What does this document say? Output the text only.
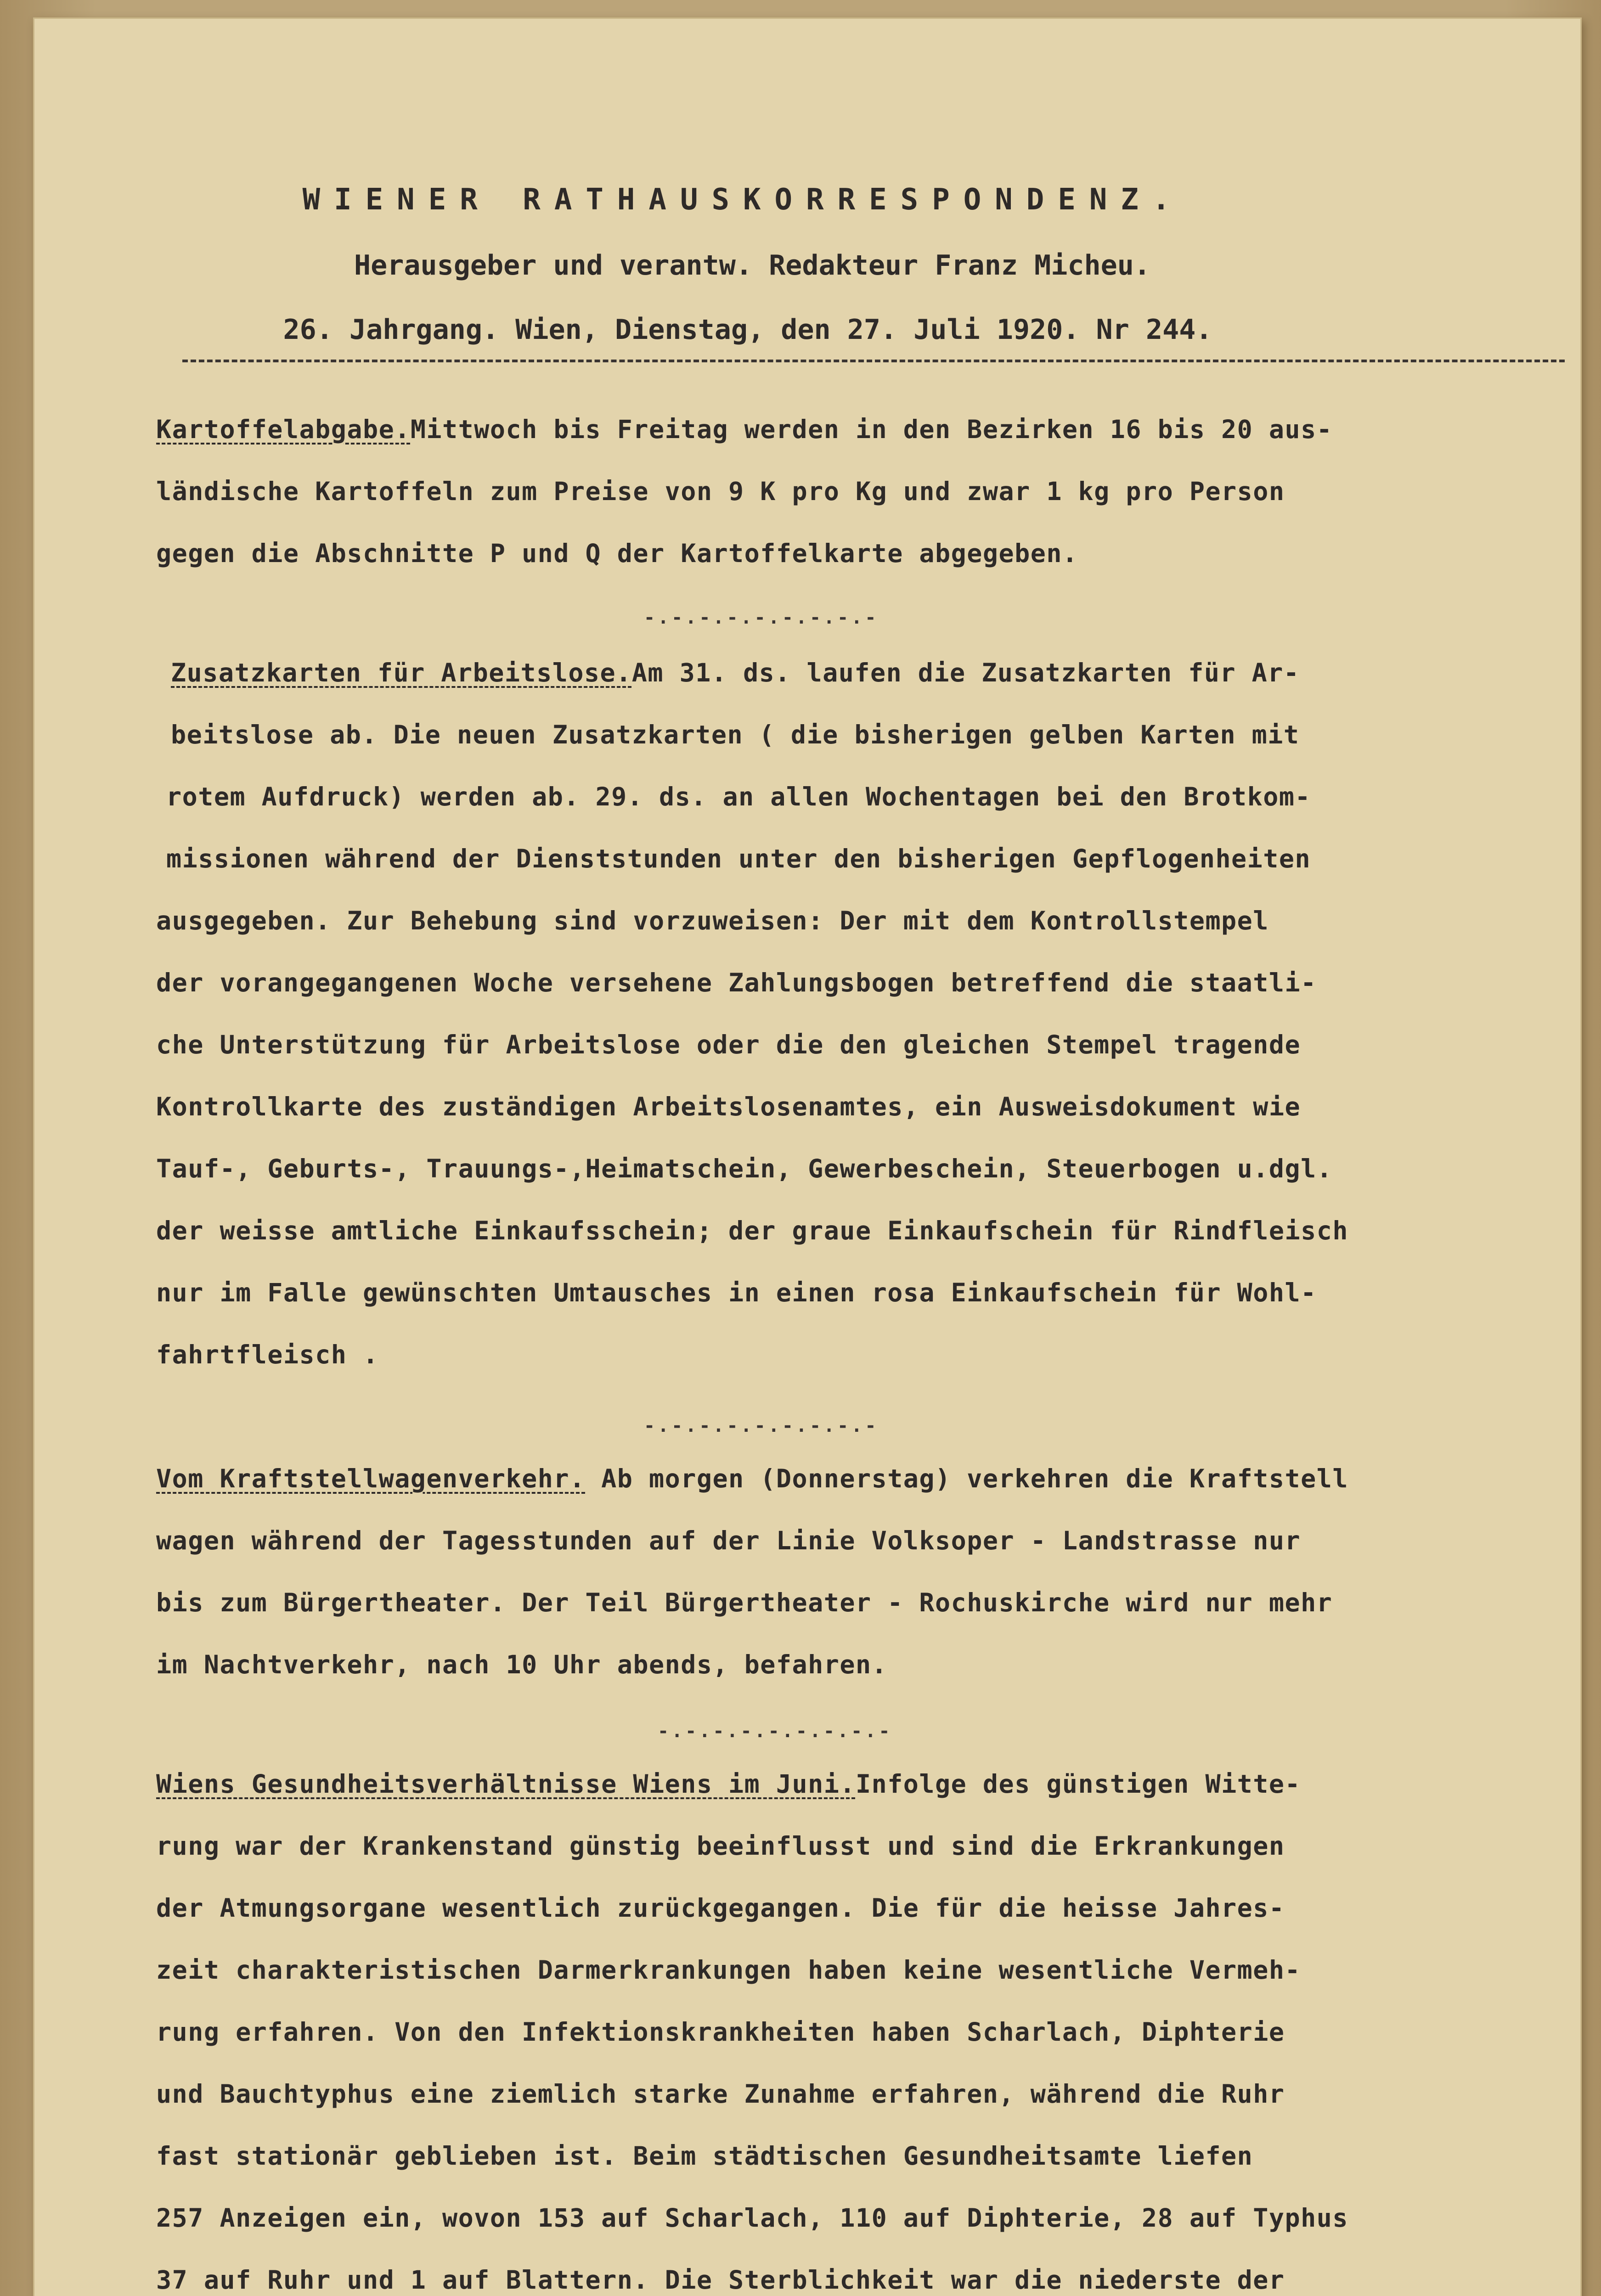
WIENER RATHAUSKORRESPONDENZ.
Herausgeber und verantw. Redakteur Franz Micheu.
26. Jahrgang. Wien, Dienstag, den 27. Juli 1920. Nr 244.
Kartoffelabgabe.Mittwoch bis Freitag werden in den Bezirken 16 bis 20 aus-
ländische Kartoffeln zum Preise von 9 K pro Kg und zwar 1 kg pro Person
gegen die Abschnitte P und Q der Kartoffelkarte abgegeben.
-.-.-.-.-.-.-.-.-
Zusatzkarten für Arbeitslose.Am 31. ds. laufen die Zusatzkarten für Ar-
beitslose ab. Die neuen Zusatzkarten ( die bisherigen gelben Karten mit
rotem Aufdruck) werden ab. 29. ds. an allen Wochentagen bei den Brotkom-
missionen während der Dienststunden unter den bisherigen Gepflogenheiten
ausgegeben. Zur Behebung sind vorzuweisen: Der mit dem Kontrollstempel
der vorangegangenen Woche versehene Zahlungsbogen betreffend die staatli-
che Unterstützung für Arbeitslose oder die den gleichen Stempel tragende
Kontrollkarte des zuständigen Arbeitslosenamtes, ein Ausweisdokument wie
Tauf-, Geburts-, Trauungs-,Heimatschein, Gewerbeschein, Steuerbogen u.dgl.
der weisse amtliche Einkaufsschein; der graue Einkaufschein für Rindfleisch
nur im Falle gewünschten Umtausches in einen rosa Einkaufschein für Wohl-
fahrtfleisch .
-.-.-.-.-.-.-.-.-
Vom Kraftstellwagenverkehr. Ab morgen (Donnerstag) verkehren die Kraftstell
wagen während der Tagesstunden auf der Linie Volksoper - Landstrasse nur
bis zum Bürgertheater. Der Teil Bürgertheater - Rochuskirche wird nur mehr
im Nachtverkehr, nach 10 Uhr abends, befahren.
-.-.-.-.-.-.-.-.-
Wiens Gesundheitsverhältnisse Wiens im Juni.Infolge des günstigen Witte-
rung war der Krankenstand günstig beeinflusst und sind die Erkrankungen
der Atmungsorgane wesentlich zurückgegangen. Die für die heisse Jahres-
zeit charakteristischen Darmerkrankungen haben keine wesentliche Vermeh-
rung erfahren. Von den Infektionskrankheiten haben Scharlach, Diphterie
und Bauchtyphus eine ziemlich starke Zunahme erfahren, während die Ruhr
fast stationär geblieben ist. Beim städtischen Gesundheitsamte liefen
257 Anzeigen ein, wovon 153 auf Scharlach, 110 auf Diphterie, 28 auf Typhus
37 auf Ruhr und 1 auf Blattern. Die Sterblichkeit war die niederste der
